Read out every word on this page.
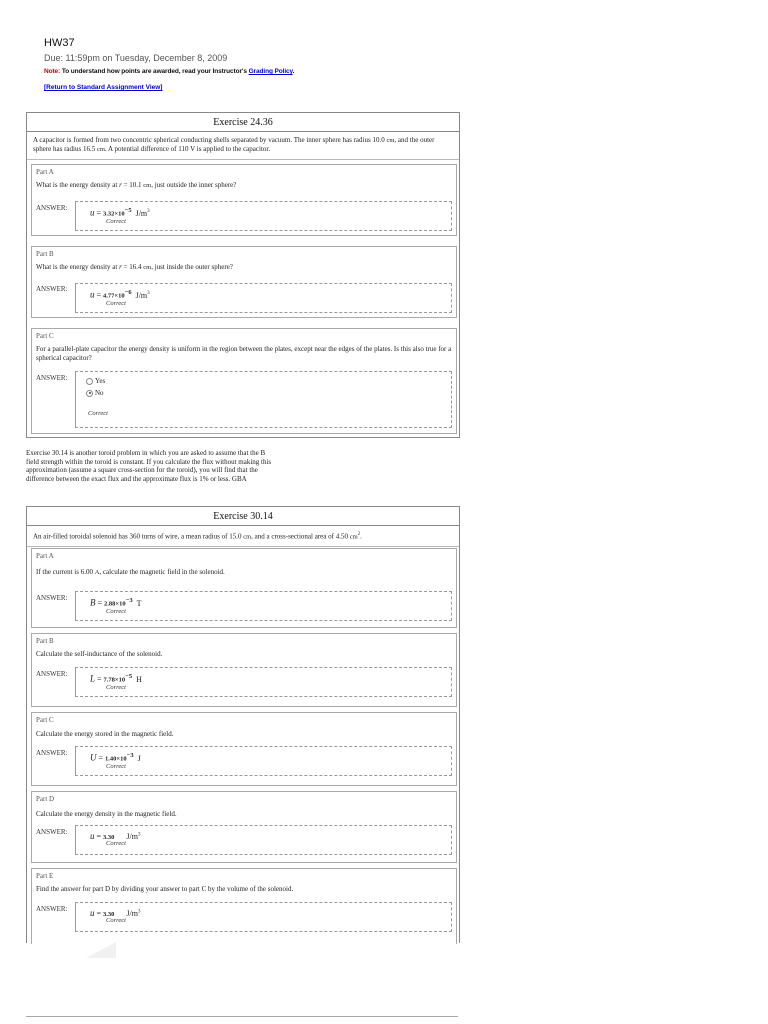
HW37
Due: 11:59pm on Tuesday, December 8, 2009
Note: To understand how points are awarded, read your Instructor's Grading Policy.
[Return to Standard Assignment View]
Exercise 24.36
A capacitor is formed from two concentric spherical conducting shells separated by vacuum. The inner sphere has radius 10.0 cm, and the outer sphere has radius 16.5 cm. A potential difference of 110 V is applied to the capacitor.
Part A
What is the energy density at r = 10.1 cm, just outside the inner sphere?
ANSWER:	$u = 3.32\times 10^{-5}$ $J/m^3$
Correct
Part B
What is the energy density at r = 16.4 cm, just inside the outer sphere?
ANSWER:
$u = 4.77\times 10^{-6}$ $J/m^3$
Correct
Part C
For a parallel-plate capacitor the energy density is uniform in the region between the plates, except near the edges of the plates. Is this also true for a spherical capacitor?
ANSWER:	Yes
No
Correct
Exercise 30.14 is another toroid problem in which you are asked to assume that the B field strength within the toroid is constant. If you calculate the flux without making this approximation (assume a square cross-section for the toroid), you will find that the difference between the exact flux and the approximate flux is 1% or less. GBA
Exercise 30.14
An air-filled toroidal solenoid has 360 turns of wire, a mean radius of 15.0 cm, and a cross-sectional area of 4.50 $cm^2$.
Part A
If the current is 6.00 A, calculate the magnetic field in the solenoid.
ANSWER:	$B = 2.88\times 10^{-3}$ T
Correct
Part B
Calculate the self-inductance of the solenoid.
ANSWER:	$L = 7.78\times 10^{-5}$ H
Correct
Part C
Calculate the energy stored in the magnetic field.
ANSWER:	$U = 1.40\times 10^{-3}$ J
Correct
Part D
Calculate the energy density in the magnetic field.
ANSWER:	u = 3.30 $J/m^3$
Correct
Part E
Find the answer for part D by dividing your answer to part C by the volume of the solenoid.
ANSWER:	u = 3.30 $J/m^3$
Correct
